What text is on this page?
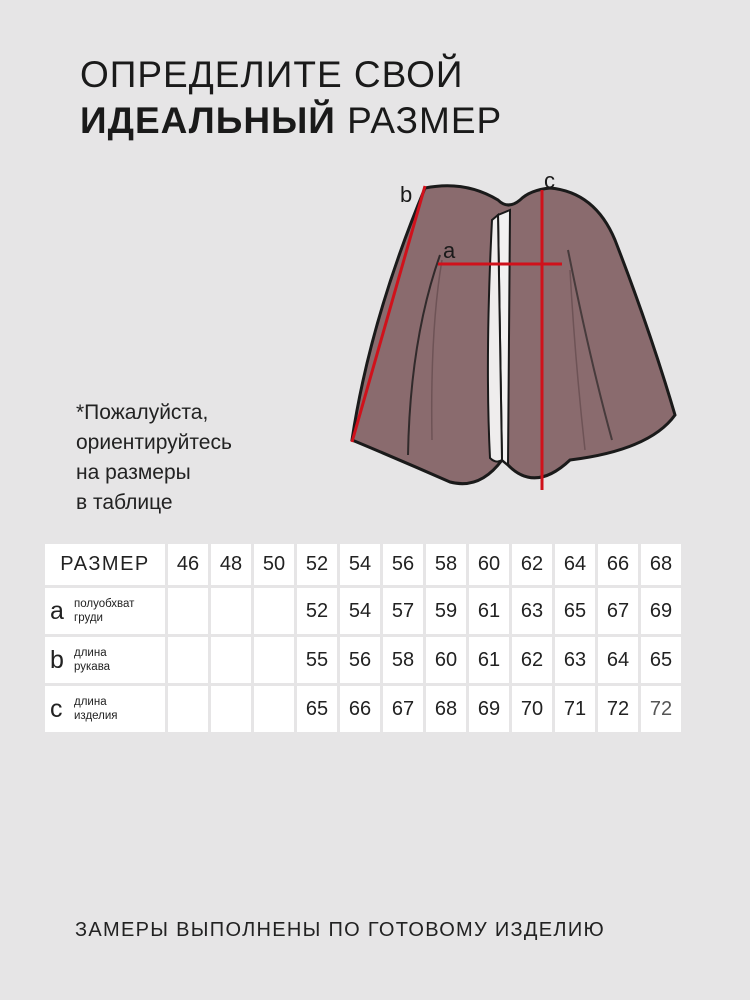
ОПРЕДЕЛИТЕ СВОЙ
ИДЕАЛЬНЫЙ РАЗМЕР
b
a
c
*Пожалуйста,
ориентируйтесь
на размеры
в таблице
РАЗМЕР	46	48	50	52	54	56	58	60	62	64	66	68

a полуобхват
груди				52	54	57	59	61	63	65	67	69

b длина
рукава				55	56	58	60	61	62	63	64	65

c длина
изделия				65	66	67	68	69	70	71	72	72
ЗАМЕРЫ ВЫПОЛНЕНЫ ПО ГОТОВОМУ ИЗДЕЛИЮ
